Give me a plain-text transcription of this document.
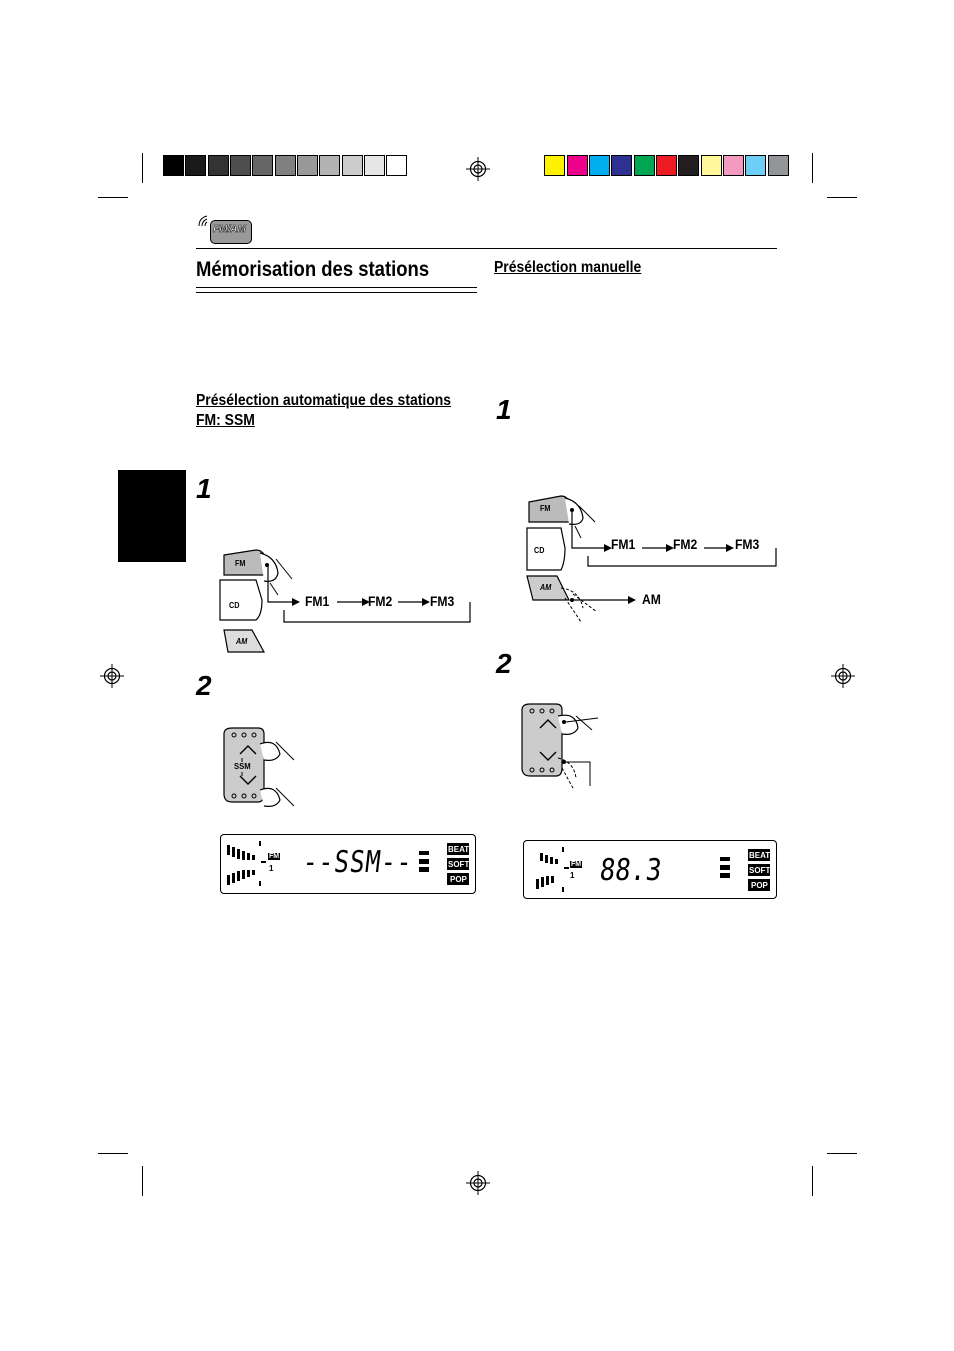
FM/AM
Mémorisation des stations
Présélection automatique des stations
FM: SSM
1
FM
CD
AM
FM1	FM2	FM3
2
SSM
FM
1 --SSM--	BEAT
SOFT
POP
Présélection manuelle
1
FM
CD
AM
FM1	FM2	FM3
AM
2
FM
1 88.3	BEAT
SOFT
POP
